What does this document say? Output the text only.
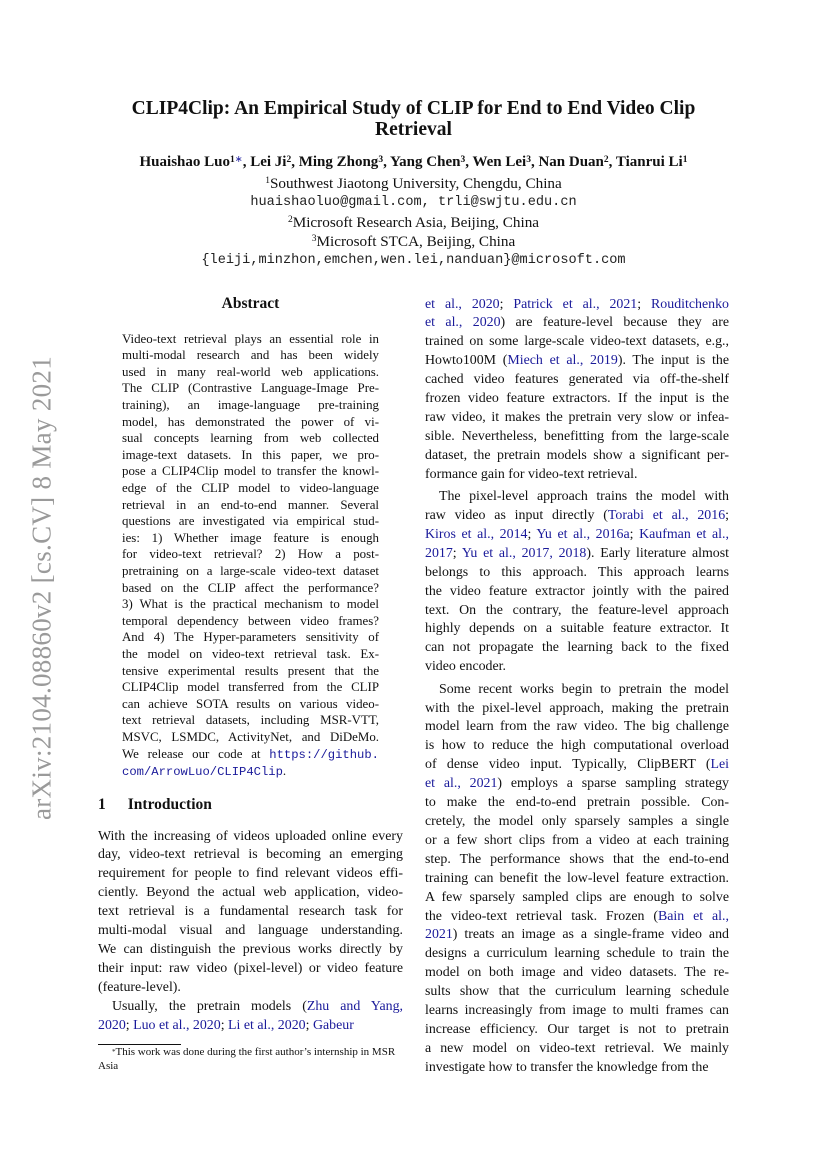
arXiv:2104.08860v2 [cs.CV] 8 May 2021
CLIP4Clip: An Empirical Study of CLIP for End to End Video Clip
Retrieval
Huaishao Luo$^{1∗}$, Lei Ji$^2$, Ming Zhong$^3$, Yang Chen$^3$, Wen Lei$^3$, Nan Duan$^2$, Tianrui Li$^1$
$^1$Southwest Jiaotong University, Chengdu, China
huaishaoluo@gmail.com, trli@swjtu.edu.cn
$^2$Microsoft Research Asia, Beijing, China
$^3$Microsoft STCA, Beijing, China
{leiji,minzhon,emchen,wen.lei,nanduan}@microsoft.com
Abstract
Video-text retrieval plays an essential role in
multi-modal research and has been widely
used in many real-world web applications.
The CLIP (Contrastive Language-Image Pre-
training), an image-language pre-training
model, has demonstrated the power of vi-
sual concepts learning from web collected
image-text datasets. In this paper, we pro-
pose a CLIP4Clip model to transfer the knowl-
edge of the CLIP model to video-language
retrieval in an end-to-end manner. Several
questions are investigated via empirical stud-
ies: 1) Whether image feature is enough
for video-text retrieval? 2) How a post-
pretraining on a large-scale video-text dataset
based on the CLIP affect the performance?
3) What is the practical mechanism to model
temporal dependency between video frames?
And 4) The Hyper-parameters sensitivity of
the model on video-text retrieval task. Ex-
tensive experimental results present that the
CLIP4Clip model transferred from the CLIP
can achieve SOTA results on various video-
text retrieval datasets, including MSR-VTT,
MSVC, LSMDC, ActivityNet, and DiDeMo.
We release our code at https://github.
com/ArrowLuo/CLIP4Clip.
1 Introduction
With the increasing of videos uploaded online every
day, video-text retrieval is becoming an emerging
requirement for people to find relevant videos effi-
ciently. Beyond the actual web application, video-
text retrieval is a fundamental research task for
multi-modal visual and language understanding.
We can distinguish the previous works directly by
their input: raw video (pixel-level) or video feature
(feature-level).
Usually, the pretrain models (Zhu and Yang,
2020; Luo et al., 2020; Li et al., 2020; Gabeur
*This work was done during the first author’s internship in MSR Asia
et al., 2020; Patrick et al., 2021; Rouditchenko
et al., 2020) are feature-level because they are
trained on some large-scale video-text datasets, e.g.,
Howto100M (Miech et al., 2019). The input is the
cached video features generated via off-the-shelf
frozen video feature extractors. If the input is the
raw video, it makes the pretrain very slow or infea-
sible. Nevertheless, benefitting from the large-scale
dataset, the pretrain models show a significant per-
formance gain for video-text retrieval.
The pixel-level approach trains the model with
raw video as input directly (Torabi et al., 2016;
Kiros et al., 2014; Yu et al., 2016a; Kaufman et al.,
2017; Yu et al., 2017, 2018). Early literature almost
belongs to this approach. This approach learns
the video feature extractor jointly with the paired
text. On the contrary, the feature-level approach
highly depends on a suitable feature extractor. It
can not propagate the learning back to the fixed
video encoder.
Some recent works begin to pretrain the model
with the pixel-level approach, making the pretrain
model learn from the raw video. The big challenge
is how to reduce the high computational overload
of dense video input. Typically, ClipBERT (Lei
et al., 2021) employs a sparse sampling strategy
to make the end-to-end pretrain possible. Con-
cretely, the model only sparsely samples a single
or a few short clips from a video at each training
step. The performance shows that the end-to-end
training can benefit the low-level feature extraction.
A few sparsely sampled clips are enough to solve
the video-text retrieval task. Frozen (Bain et al.,
2021) treats an image as a single-frame video and
designs a curriculum learning schedule to train the
model on both image and video datasets. The re-
sults show that the curriculum learning schedule
learns increasingly from image to multi frames can
increase efficiency. Our target is not to pretrain
a new model on video-text retrieval. We mainly
investigate how to transfer the knowledge from the
